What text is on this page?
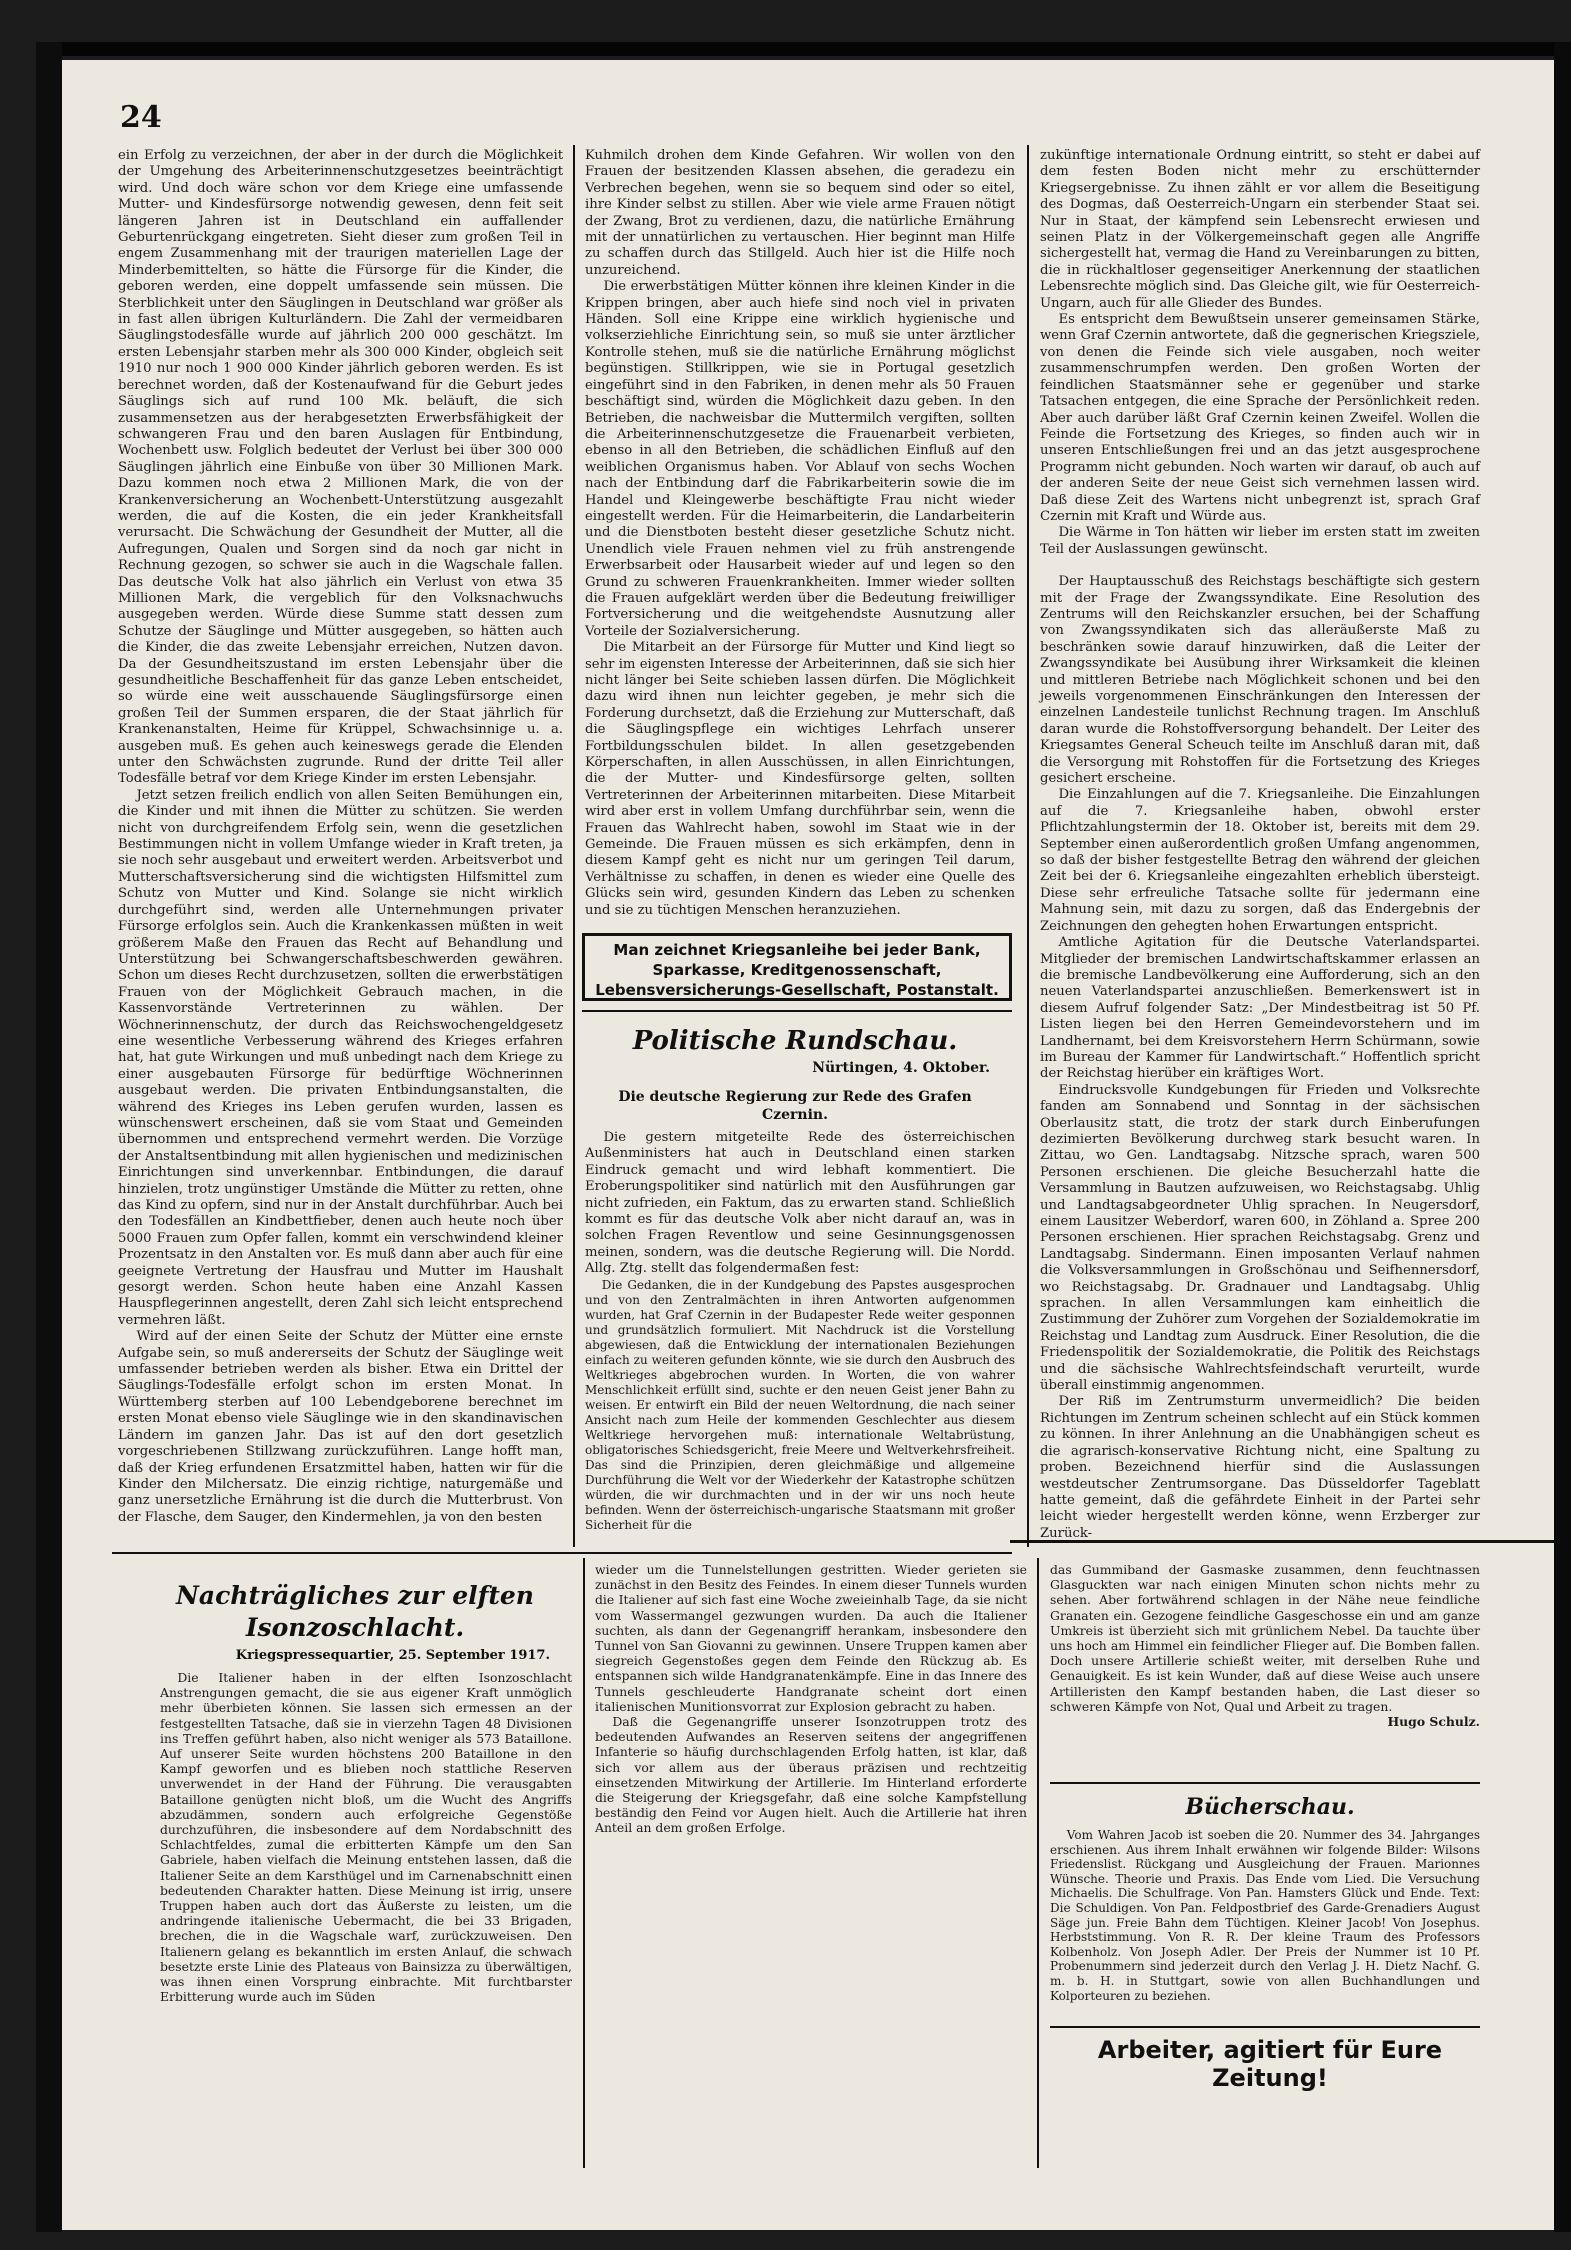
24

ein Erfolg zu verzeichnen, der aber in der durch die Möglichkeit der Umgehung des Arbeiterinnenschutzgesetzes beeinträchtigt wird. Und doch wäre schon vor dem Kriege eine umfassende Mutter- und Kindesfürsorge notwendig gewesen, denn feit seit längeren Jahren ist in Deutschland ein auffallender Geburtenrückgang eingetreten. Sieht dieser zum großen Teil in engem Zusammenhang mit der traurigen materiellen Lage der Minderbemittelten, so hätte die Fürsorge für die Kinder, die geboren werden, eine doppelt umfassende sein müssen. Die Sterblichkeit unter den Säuglingen in Deutschland war größer als in fast allen übrigen Kulturländern. Die Zahl der vermeidbaren Säuglingstodesfälle wurde auf jährlich 200 000 geschätzt. Im ersten Lebensjahr starben mehr als 300 000 Kinder, obgleich seit 1910 nur noch 1 900 000 Kinder jährlich geboren werden. Es ist berechnet worden, daß der Kostenaufwand für die Geburt jedes Säuglings sich auf rund 100 Mk. beläuft, die sich zusammensetzen aus der herabgesetzten Erwerbsfähigkeit der schwangeren Frau und den baren Auslagen für Entbindung, Wochenbett usw. Folglich bedeutet der Verlust bei über 300 000 Säuglingen jährlich eine Einbuße von über 30 Millionen Mark. Dazu kommen noch etwa 2 Millionen Mark, die von der Krankenversicherung an Wochenbett-Unterstützung ausgezahlt werden, die auf die Kosten, die ein jeder Krankheitsfall verursacht. Die Schwächung der Gesundheit der Mutter, all die Aufregungen, Qualen und Sorgen sind da noch gar nicht in Rechnung gezogen, so schwer sie auch in die Wagschale fallen. Das deutsche Volk hat also jährlich ein Verlust von etwa 35 Millionen Mark, die vergeblich für den Volksnachwuchs ausgegeben werden. Würde diese Summe statt dessen zum Schutze der Säuglinge und Mütter ausgegeben, so hätten auch die Kinder, die das zweite Lebensjahr erreichen, Nutzen davon. Da der Gesundheitszustand im ersten Lebensjahr über die gesundheitliche Beschaffenheit für das ganze Leben entscheidet, so würde eine weit ausschauende Säuglingsfürsorge einen großen Teil der Summen ersparen, die der Staat jährlich für Krankenanstalten, Heime für Krüppel, Schwachsinnige u. a. ausgeben muß. Es gehen auch keineswegs gerade die Elenden unter den Schwächsten zugrunde. Rund der dritte Teil aller Todesfälle betraf vor dem Kriege Kinder im ersten Lebensjahr.

Jetzt setzen freilich endlich von allen Seiten Bemühungen ein, die Kinder und mit ihnen die Mütter zu schützen. Sie werden nicht von durchgreifendem Erfolg sein, wenn die gesetzlichen Bestimmungen nicht in vollem Umfange wieder in Kraft treten, ja sie noch sehr ausgebaut und erweitert werden. Arbeitsverbot und Mutterschaftsversicherung sind die wichtigsten Hilfsmittel zum Schutz von Mutter und Kind. Solange sie nicht wirklich durchgeführt sind, werden alle Unternehmungen privater Fürsorge erfolglos sein. Auch die Krankenkassen müßten in weit größerem Maße den Frauen das Recht auf Behandlung und Unterstützung bei Schwangerschaftsbeschwerden gewähren. Schon um dieses Recht durchzusetzen, sollten die erwerbstätigen Frauen von der Möglichkeit Gebrauch machen, in die Kassenvorstände Vertreterinnen zu wählen. Der Wöchnerinnenschutz, der durch das Reichswochengeldgesetz eine wesentliche Verbesserung während des Krieges erfahren hat, hat gute Wirkungen und muß unbedingt nach dem Kriege zu einer ausgebauten Fürsorge für bedürftige Wöchnerinnen ausgebaut werden. Die privaten Entbindungsanstalten, die während des Krieges ins Leben gerufen wurden, lassen es wünschenswert erscheinen, daß sie vom Staat und Gemeinden übernommen und entsprechend vermehrt werden. Die Vorzüge der Anstaltsentbindung mit allen hygienischen und medizinischen Einrichtungen sind unverkennbar. Entbindungen, die darauf hinzielen, trotz ungünstiger Umstände die Mütter zu retten, ohne das Kind zu opfern, sind nur in der Anstalt durchführbar. Auch bei den Todesfällen an Kindbettfieber, denen auch heute noch über 5000 Frauen zum Opfer fallen, kommt ein verschwindend kleiner Prozentsatz in den Anstalten vor. Es muß dann aber auch für eine geeignete Vertretung der Hausfrau und Mutter im Haushalt gesorgt werden. Schon heute haben eine Anzahl Kassen Hauspflegerinnen angestellt, deren Zahl sich leicht entsprechend vermehren läßt.

Wird auf der einen Seite der Schutz der Mütter eine ernste Aufgabe sein, so muß andererseits der Schutz der Säuglinge weit umfassender betrieben werden als bisher. Etwa ein Drittel der Säuglings-Todesfälle erfolgt schon im ersten Monat. In Württemberg sterben auf 100 Lebendgeborene berechnet im ersten Monat ebenso viele Säuglinge wie in den skandinavischen Ländern im ganzen Jahr. Das ist auf den dort gesetzlich vorgeschriebenen Stillzwang zurückzuführen. Lange hofft man, daß der Krieg erfundenen Ersatzmittel haben, hatten wir für die Kinder den Milchersatz. Die einzig richtige, naturgemäße und ganz unersetzliche Ernährung ist die durch die Mutterbrust. Von der Flasche, dem Sauger, den Kindermehlen, ja von den besten

Kuhmilch drohen dem Kinde Gefahren. Wir wollen von den Frauen der besitzenden Klassen absehen, die geradezu ein Verbrechen begehen, wenn sie so bequem sind oder so eitel, ihre Kinder selbst zu stillen. Aber wie viele arme Frauen nötigt der Zwang, Brot zu verdienen, dazu, die natürliche Ernährung mit der unnatürlichen zu vertauschen. Hier beginnt man Hilfe zu schaffen durch das Stillgeld. Auch hier ist die Hilfe noch unzureichend.

Die erwerbstätigen Mütter können ihre kleinen Kinder in die Krippen bringen, aber auch hiefe sind noch viel in privaten Händen. Soll eine Krippe eine wirklich hygienische und volkserziehliche Einrichtung sein, so muß sie unter ärztlicher Kontrolle stehen, muß sie die natürliche Ernährung möglichst begünstigen. Stillkrippen, wie sie in Portugal gesetzlich eingeführt sind in den Fabriken, in denen mehr als 50 Frauen beschäftigt sind, würden die Möglichkeit dazu geben. In den Betrieben, die nachweisbar die Muttermilch vergiften, sollten die Arbeiterinnenschutzgesetze die Frauenarbeit verbieten, ebenso in all den Betrieben, die schädlichen Einfluß auf den weiblichen Organismus haben. Vor Ablauf von sechs Wochen nach der Entbindung darf die Fabrikarbeiterin sowie die im Handel und Kleingewerbe beschäftigte Frau nicht wieder eingestellt werden. Für die Heimarbeiterin, die Landarbeiterin und die Dienstboten besteht dieser gesetzliche Schutz nicht. Unendlich viele Frauen nehmen viel zu früh anstrengende Erwerbsarbeit oder Hausarbeit wieder auf und legen so den Grund zu schweren Frauenkrankheiten. Immer wieder sollten die Frauen aufgeklärt werden über die Bedeutung freiwilliger Fortversicherung und die weitgehendste Ausnutzung aller Vorteile der Sozialversicherung.

Die Mitarbeit an der Fürsorge für Mutter und Kind liegt so sehr im eigensten Interesse der Arbeiterinnen, daß sie sich hier nicht länger bei Seite schieben lassen dürfen. Die Möglichkeit dazu wird ihnen nun leichter gegeben, je mehr sich die Forderung durchsetzt, daß die Erziehung zur Mutterschaft, daß die Säuglingspflege ein wichtiges Lehrfach unserer Fortbildungsschulen bildet. In allen gesetzgebenden Körperschaften, in allen Ausschüssen, in allen Einrichtungen, die der Mutter- und Kindesfürsorge gelten, sollten Vertreterinnen der Arbeiterinnen mitarbeiten. Diese Mitarbeit wird aber erst in vollem Umfang durchführbar sein, wenn die Frauen das Wahlrecht haben, sowohl im Staat wie in der Gemeinde. Die Frauen müssen es sich erkämpfen, denn in diesem Kampf geht es nicht nur um geringen Teil darum, Verhältnisse zu schaffen, in denen es wieder eine Quelle des Glücks sein wird, gesunden Kindern das Leben zu schenken und sie zu tüchtigen Menschen heranzuziehen.

Man zeichnet Kriegsanleihe bei jeder Bank, Sparkasse, Kreditgenossenschaft, Lebensversicherungs-Gesellschaft, Postanstalt.
Politische Rundschau.
Nürtingen, 4. Oktober.
Die deutsche Regierung zur Rede des Grafen Czernin.

Die gestern mitgeteilte Rede des österreichischen Außenministers hat auch in Deutschland einen starken Eindruck gemacht und wird lebhaft kommentiert. Die Eroberungspolitiker sind natürlich mit den Ausführungen gar nicht zufrieden, ein Faktum, das zu erwarten stand. Schließlich kommt es für das deutsche Volk aber nicht darauf an, was in solchen Fragen Reventlow und seine Gesinnungsgenossen meinen, sondern, was die deutsche Regierung will. Die Nordd. Allg. Ztg. stellt das folgendermaßen fest:

Die Gedanken, die in der Kundgebung des Papstes ausgesprochen und von den Zentralmächten in ihren Antworten aufgenommen wurden, hat Graf Czernin in der Budapester Rede weiter gesponnen und grundsätzlich formuliert. Mit Nachdruck ist die Vorstellung abgewiesen, daß die Entwicklung der internationalen Beziehungen einfach zu weiteren gefunden könnte, wie sie durch den Ausbruch des Weltkrieges abgebrochen wurden. In Worten, die von wahrer Menschlichkeit erfüllt sind, suchte er den neuen Geist jener Bahn zu weisen. Er entwirft ein Bild der neuen Weltordnung, die nach seiner Ansicht nach zum Heile der kommenden Geschlechter aus diesem Weltkriege hervorgehen muß: internationale Weltabrüstung, obligatorisches Schiedsgericht, freie Meere und Weltverkehrsfreiheit. Das sind die Prinzipien, deren gleichmäßige und allgemeine Durchführung die Welt vor der Wiederkehr der Katastrophe schützen würden, die wir durchmachten und in der wir uns noch heute befinden. Wenn der österreichisch-ungarische Staatsmann mit großer Sicherheit für die

zukünftige internationale Ordnung eintritt, so steht er dabei auf dem festen Boden nicht mehr zu erschütternder Kriegsergebnisse. Zu ihnen zählt er vor allem die Beseitigung des Dogmas, daß Oesterreich-Ungarn ein sterbender Staat sei. Nur in Staat, der kämpfend sein Lebensrecht erwiesen und seinen Platz in der Völkergemeinschaft gegen alle Angriffe sichergestellt hat, vermag die Hand zu Vereinbarungen zu bitten, die in rückhaltloser gegenseitiger Anerkennung der staatlichen Lebensrechte möglich sind. Das Gleiche gilt, wie für Oesterreich-Ungarn, auch für alle Glieder des Bundes.

Es entspricht dem Bewußtsein unserer gemeinsamen Stärke, wenn Graf Czernin antwortete, daß die gegnerischen Kriegsziele, von denen die Feinde sich viele ausgaben, noch weiter zusammenschrumpfen werden. Den großen Worten der feindlichen Staatsmänner sehe er gegenüber und starke Tatsachen entgegen, die eine Sprache der Persönlichkeit reden. Aber auch darüber läßt Graf Czernin keinen Zweifel. Wollen die Feinde die Fortsetzung des Krieges, so finden auch wir in unseren Entschließungen frei und an das jetzt ausgesprochene Programm nicht gebunden. Noch warten wir darauf, ob auch auf der anderen Seite der neue Geist sich vernehmen lassen wird. Daß diese Zeit des Wartens nicht unbegrenzt ist, sprach Graf Czernin mit Kraft und Würde aus.

Die Wärme in Ton hätten wir lieber im ersten statt im zweiten Teil der Auslassungen gewünscht.

Der Hauptausschuß des Reichstags beschäftigte sich gestern mit der Frage der Zwangssyndikate. Eine Resolution des Zentrums will den Reichskanzler ersuchen, bei der Schaffung von Zwangssyndikaten sich das alleräußerste Maß zu beschränken sowie darauf hinzuwirken, daß die Leiter der Zwangssyndikate bei Ausübung ihrer Wirksamkeit die kleinen und mittleren Betriebe nach Möglichkeit schonen und bei den jeweils vorgenommenen Einschränkungen den Interessen der einzelnen Landesteile tunlichst Rechnung tragen. Im Anschluß daran wurde die Rohstoffversorgung behandelt. Der Leiter des Kriegsamtes General Scheuch teilte im Anschluß daran mit, daß die Versorgung mit Rohstoffen für die Fortsetzung des Krieges gesichert erscheine.

Die Einzahlungen auf die 7. Kriegsanleihe. Die Einzahlungen auf die 7. Kriegsanleihe haben, obwohl erster Pflichtzahlungstermin der 18. Oktober ist, bereits mit dem 29. September einen außerordentlich großen Umfang angenommen, so daß der bisher festgestellte Betrag den während der gleichen Zeit bei der 6. Kriegsanleihe eingezahlten erheblich übersteigt. Diese sehr erfreuliche Tatsache sollte für jedermann eine Mahnung sein, mit dazu zu sorgen, daß das Endergebnis der Zeichnungen den gehegten hohen Erwartungen entspricht.

Amtliche Agitation für die Deutsche Vaterlandspartei. Mitglieder der bremischen Landwirtschaftskammer erlassen an die bremische Landbevölkerung eine Aufforderung, sich an den neuen Vaterlandspartei anzuschließen. Bemerkenswert ist in diesem Aufruf folgender Satz: „Der Mindestbeitrag ist 50 Pf. Listen liegen bei den Herren Gemeindevorstehern und im Landhernamt, bei dem Kreisvorstehern Herrn Schürmann, sowie im Bureau der Kammer für Landwirtschaft.“ Hoffentlich spricht der Reichstag hierüber ein kräftiges Wort.

Eindrucksvolle Kundgebungen für Frieden und Volksrechte fanden am Sonnabend und Sonntag in der sächsischen Oberlausitz statt, die trotz der stark durch Einberufungen dezimierten Bevölkerung durchweg stark besucht waren. In Zittau, wo Gen. Landtagsabg. Nitzsche sprach, waren 500 Personen erschienen. Die gleiche Besucherzahl hatte die Versammlung in Bautzen aufzuweisen, wo Reichstagsabg. Uhlig und Landtagsabgeordneter Uhlig sprachen. In Neugersdorf, einem Lausitzer Weberdorf, waren 600, in Zöhland a. Spree 200 Personen erschienen. Hier sprachen Reichstagsabg. Grenz und Landtagsabg. Sindermann. Einen imposanten Verlauf nahmen die Volksversammlungen in Großschönau und Seifhennersdorf, wo Reichstagsabg. Dr. Gradnauer und Landtagsabg. Uhlig sprachen. In allen Versammlungen kam einheitlich die Zustimmung der Zuhörer zum Vorgehen der Sozialdemokratie im Reichstag und Landtag zum Ausdruck. Einer Resolution, die die Friedenspolitik der Sozialdemokratie, die Politik des Reichstags und die sächsische Wahlrechtsfeindschaft verurteilt, wurde überall einstimmig angenommen.

Der Riß im Zentrumsturm unvermeidlich? Die beiden Richtungen im Zentrum scheinen schlecht auf ein Stück kommen zu können. In ihrer Anlehnung an die Unabhängigen scheut es die agrarisch-konservative Richtung nicht, eine Spaltung zu proben. Bezeichnend hierfür sind die Auslassungen westdeutscher Zentrumsorgane. Das Düsseldorfer Tageblatt hatte gemeint, daß die gefährdete Einheit in der Partei sehr leicht wieder hergestellt werden könne, wenn Erzberger zur Zurück-

Nachträgliches zur elften Isonzoschlacht.
Kriegspressequartier, 25. September 1917.

Die Italiener haben in der elften Isonzoschlacht Anstrengungen gemacht, die sie aus eigener Kraft unmöglich mehr überbieten können. Sie lassen sich ermessen an der festgestellten Tatsache, daß sie in vierzehn Tagen 48 Divisionen ins Treffen geführt haben, also nicht weniger als 573 Bataillone. Auf unserer Seite wurden höchstens 200 Bataillone in den Kampf geworfen und es blieben noch stattliche Reserven unverwendet in der Hand der Führung. Die verausgabten Bataillone genügten nicht bloß, um die Wucht des Angriffs abzudämmen, sondern auch erfolgreiche Gegenstöße durchzuführen, die insbesondere auf dem Nordabschnitt des Schlachtfeldes, zumal die erbitterten Kämpfe um den San Gabriele, haben vielfach die Meinung entstehen lassen, daß die Italiener Seite an dem Karsthügel und im Carnenabschnitt einen bedeutenden Charakter hatten. Diese Meinung ist irrig, unsere Truppen haben auch dort das Äußerste zu leisten, um die andringende italienische Uebermacht, die bei 33 Brigaden, brechen, die in die Wagschale warf, zurückzuweisen. Den Italienern gelang es bekanntlich im ersten Anlauf, die schwach besetzte erste Linie des Plateaus von Bainsizza zu überwältigen, was ihnen einen Vorsprung einbrachte. Mit furchtbarster Erbitterung wurde auch im Süden

wieder um die Tunnelstellungen gestritten. Wieder gerieten sie zunächst in den Besitz des Feindes. In einem dieser Tunnels wurden die Italiener auf sich fast eine Woche zweieinhalb Tage, da sie nicht vom Wassermangel gezwungen wurden. Da auch die Italiener suchten, als dann der Gegenangriff herankam, insbesondere den Tunnel von San Giovanni zu gewinnen. Unsere Truppen kamen aber siegreich Gegenstoßes gegen dem Feinde den Rückzug ab. Es entspannen sich wilde Handgranatenkämpfe. Eine in das Innere des Tunnels geschleuderte Handgranate scheint dort einen italienischen Munitionsvorrat zur Explosion gebracht zu haben.

Daß die Gegenangriffe unserer Isonzotruppen trotz des bedeutenden Aufwandes an Reserven seitens der angegriffenen Infanterie so häufig durchschlagenden Erfolg hatten, ist klar, daß sich vor allem aus der überaus präzisen und rechtzeitig einsetzenden Mitwirkung der Artillerie. Im Hinterland erforderte die Steigerung der Kriegsgefahr, daß eine solche Kampfstellung beständig den Feind vor Augen hielt. Auch die Artillerie hat ihren Anteil an dem großen Erfolge.

das Gummiband der Gasmaske zusammen, denn feuchtnassen Glasguckten war nach einigen Minuten schon nichts mehr zu sehen. Aber fortwährend schlagen in der Nähe neue feindliche Granaten ein. Gezogene feindliche Gasgeschosse ein und am ganze Umkreis ist überzieht sich mit grünlichem Nebel. Da tauchte über uns hoch am Himmel ein feindlicher Flieger auf. Die Bomben fallen. Doch unsere Artillerie schießt weiter, mit derselben Ruhe und Genauigkeit. Es ist kein Wunder, daß auf diese Weise auch unsere Artilleristen den Kampf bestanden haben, die Last dieser so schweren Kämpfe von Not, Qual und Arbeit zu tragen.

Hugo Schulz.

Bücherschau.

Vom Wahren Jacob ist soeben die 20. Nummer des 34. Jahrganges erschienen. Aus ihrem Inhalt erwähnen wir folgende Bilder: Wilsons Friedenslist. Rückgang und Ausgleichung der Frauen. Marionnes Wünsche. Theorie und Praxis. Das Ende vom Lied. Die Versuchung Michaelis. Die Schulfrage. Von Pan. Hamsters Glück und Ende. Text: Die Schuldigen. Von Pan. Feldpostbrief des Garde-Grenadiers August Säge jun. Freie Bahn dem Tüchtigen. Kleiner Jacob! Von Josephus. Herbststimmung. Von R. R. Der kleine Traum des Professors Kolbenholz. Von Joseph Adler. Der Preis der Nummer ist 10 Pf. Probenummern sind jederzeit durch den Verlag J. H. Dietz Nachf. G. m. b. H. in Stuttgart, sowie von allen Buchhandlungen und Kolporteuren zu beziehen.

Arbeiter, agitiert für Eure Zeitung!
